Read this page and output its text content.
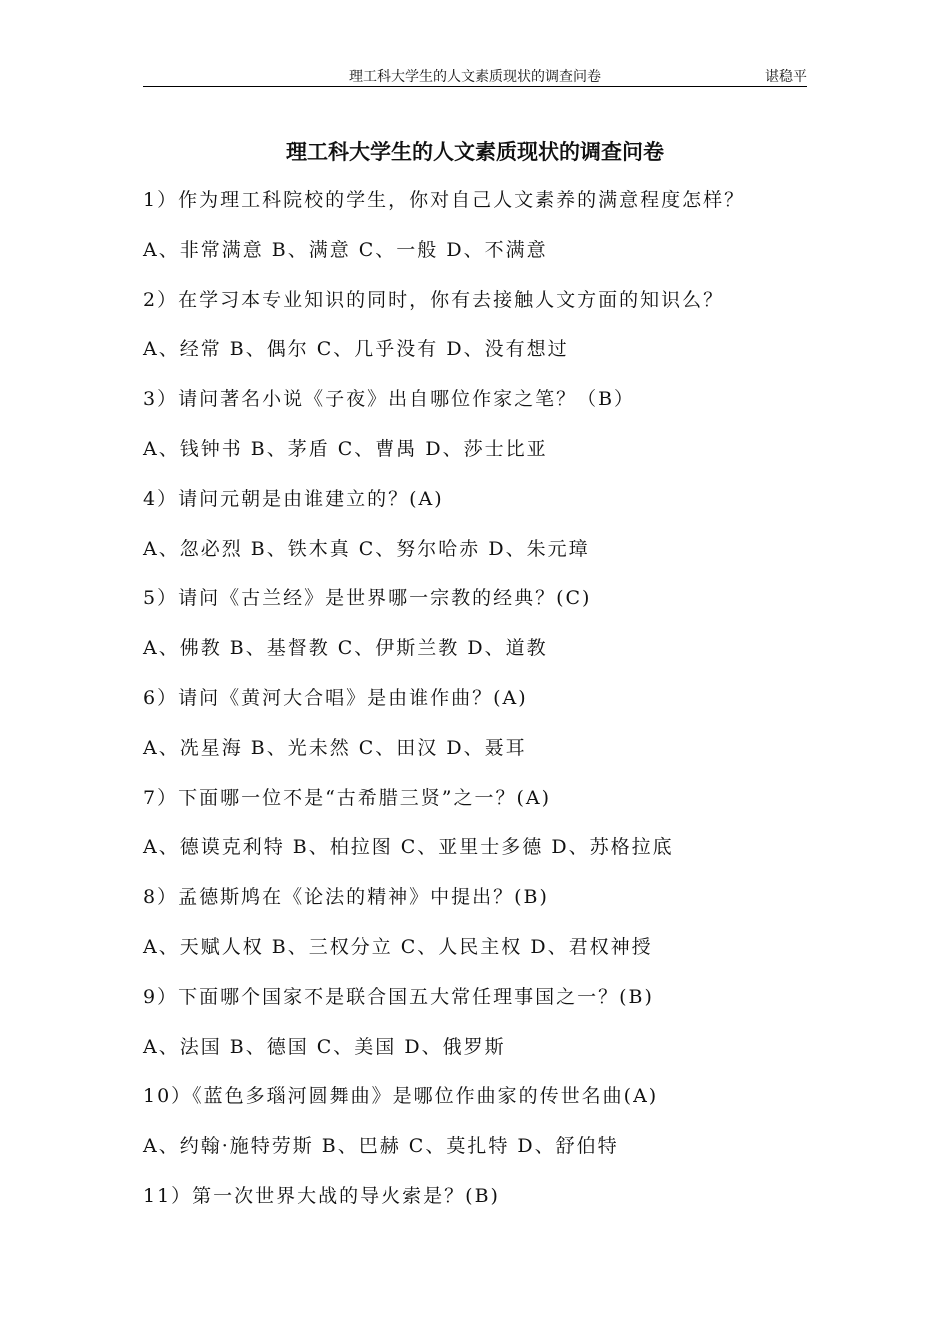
理工科大学生的人文素质现状的调查问卷	谌稳平
理工科大学生的人文素质现状的调查问卷
1）作为理工科院校的学生，你对自己人文素养的满意程度怎样？
A、非常满意 B、满意 C、一般 D、不满意
2）在学习本专业知识的同时，你有去接触人文方面的知识么？
A、经常 B、偶尔 C、几乎没有 D、没有想过
3）请问著名小说《子夜》出自哪位作家之笔？（B）
A、钱钟书 B、茅盾 C、曹禺 D、莎士比亚
4）请问元朝是由谁建立的？(A)
A、忽必烈 B、铁木真 C、努尔哈赤 D、朱元璋
5）请问《古兰经》是世界哪一宗教的经典？(C)
A、佛教 B、基督教 C、伊斯兰教 D、道教
6）请问《黄河大合唱》是由谁作曲？(A)
A、冼星海 B、光未然 C、田汉 D、聂耳
7）下面哪一位不是“古希腊三贤”之一？(A)
A、德谟克利特 B、柏拉图 C、亚里士多德 D、苏格拉底
8）孟德斯鸠在《论法的精神》中提出？(B)
A、天赋人权 B、三权分立 C、人民主权 D、君权神授
9）下面哪个国家不是联合国五大常任理事国之一？(B)
A、法国 B、德国 C、美国 D、俄罗斯
10）《蓝色多瑙河圆舞曲》是哪位作曲家的传世名曲(A)
A、约翰·施特劳斯 B、巴赫 C、莫扎特 D、舒伯特
11）第一次世界大战的导火索是？(B)
